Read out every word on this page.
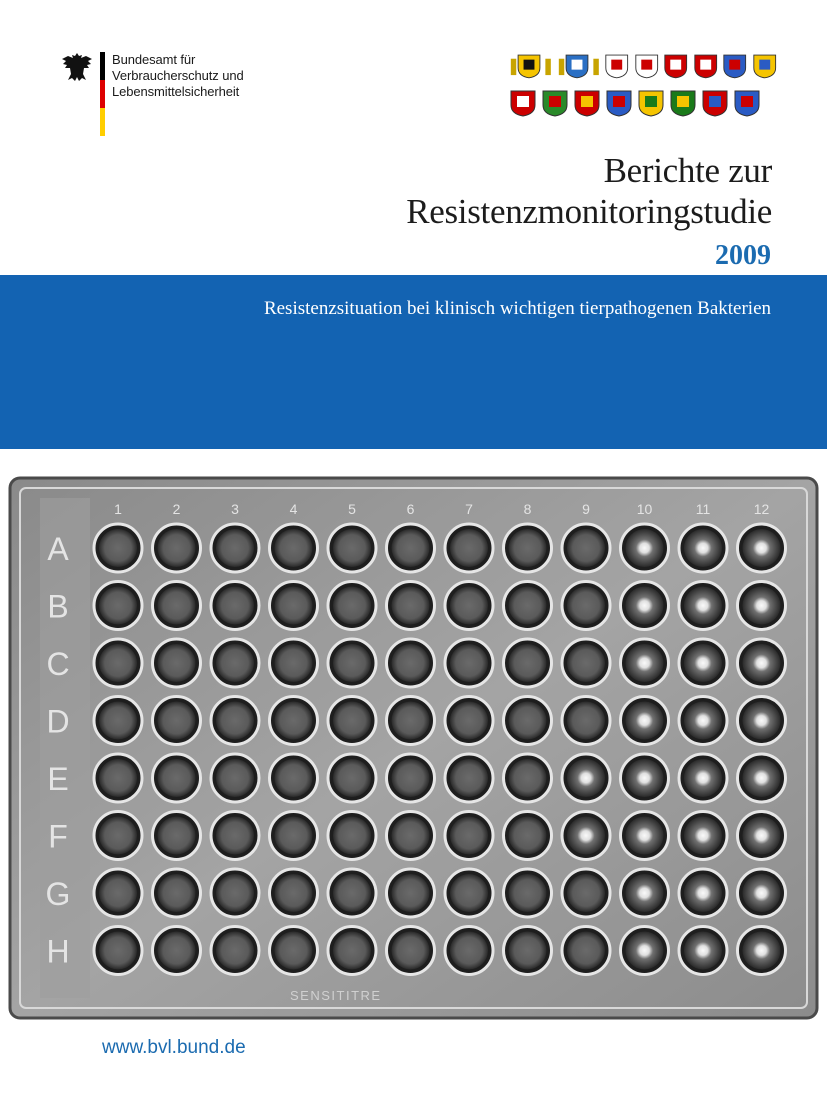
Bundesamt für
Verbraucherschutz und
Lebensmittelsicherheit
Berichte zur
Resistenzmonitoringstudie
2009
Resistenzsituation bei klinisch wichtigen tierpathogenen Bakterien
1	2	3	4	5	6	7	8	9	10	11	12
A
B
C
D
E
F
G
H
SENSITITRE
www.bvl.bund.de
